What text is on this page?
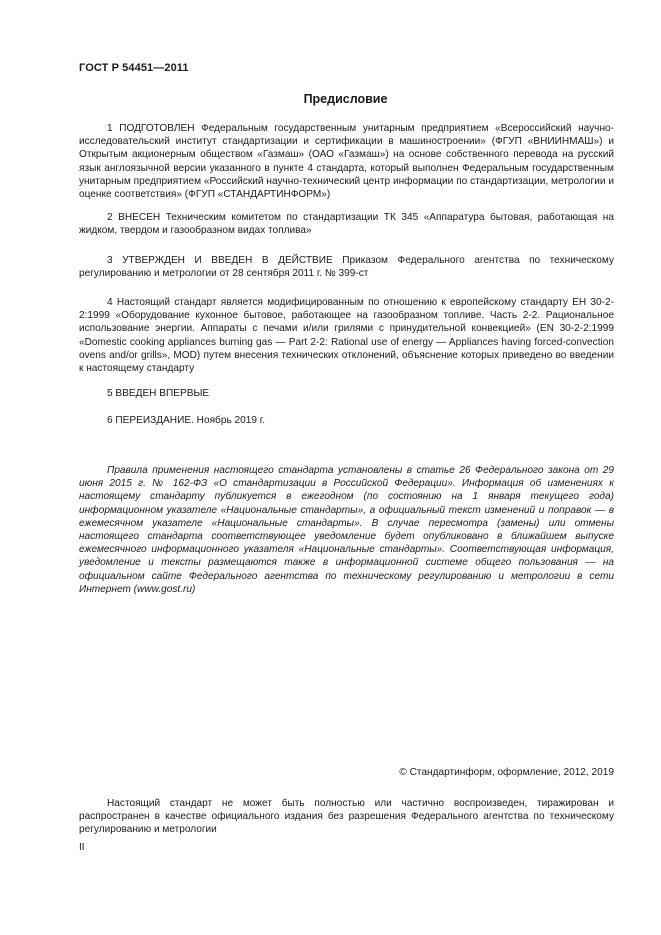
ГОСТ Р 54451—2011
Предисловие

1 ПОДГОТОВЛЕН Федеральным государственным унитарным предприятием «Всероссийский научно-исследовательский институт стандартизации и сертификации в машиностроении» (ФГУП «ВНИИНМАШ») и Открытым акционерным обществом «Газмаш» (ОАО «Газмаш») на основе собственного перевода на русский язык англоязычной версии указанного в пункте 4 стандарта, который выполнен Федеральным государственным унитарным предприятием «Российский научно-технический центр информации по стандартизации, метрологии и оценке соответствия» (ФГУП «СТАНДАРТИНФОРМ»)

2 ВНЕСЕН Техническим комитетом по стандартизации ТК 345 «Аппаратура бытовая, работающая на жидком, твердом и газообразном видах топлива»

3 УТВЕРЖДЕН И ВВЕДЕН В ДЕЙСТВИЕ Приказом Федерального агентства по техническому регулированию и метрологии от 28 сентября 2011 г. № 399-ст

4 Настоящий стандарт является модифицированным по отношению к европейскому стандарту ЕН 30-2-2:1999 «Оборудование кухонное бытовое, работающее на газообразном топливе. Часть 2-2. Рациональное использование энергии. Аппараты с печами и/или грилями с принудительной конвекцией» (EN 30-2-2:1999 «Domestic cooking appliances burning gas — Part 2-2: Rational use of energy — Appliances having forced-convection ovens and/or grills», MOD) путем внесения технических отклонений, объяснение которых приведено во введении к настоящему стандарту

5 ВВЕДЕН ВПЕРВЫЕ

6 ПЕРЕИЗДАНИЕ. Ноябрь 2019 г.

Правила применения настоящего стандарта установлены в статье 26 Федерального закона от 29 июня 2015 г. № 162-ФЗ «О стандартизации в Российской Федерации». Информация об изменениях к настоящему стандарту публикуется в ежегодном (по состоянию на 1 января текущего года) информационном указателе «Национальные стандарты», а официальный текст изменений и поправок — в ежемесячном указателе «Национальные стандарты». В случае пересмотра (замены) или отмены настоящего стандарта соответствующее уведомление будет опубликовано в ближайшем выпуске ежемесячного информационного указателя «Национальные стандарты». Соответствующая информация, уведомление и тексты размещаются также в информационной системе общего пользования — на официальном сайте Федерального агентства по техническому регулированию и метрологии в сети Интернет (www.gost.ru)

© Стандартинформ, оформление, 2012, 2019

Настоящий стандарт не может быть полностью или частично воспроизведен, тиражирован и распространен в качестве официального издания без разрешения Федерального агентства по техническому регулированию и метрологии

II
